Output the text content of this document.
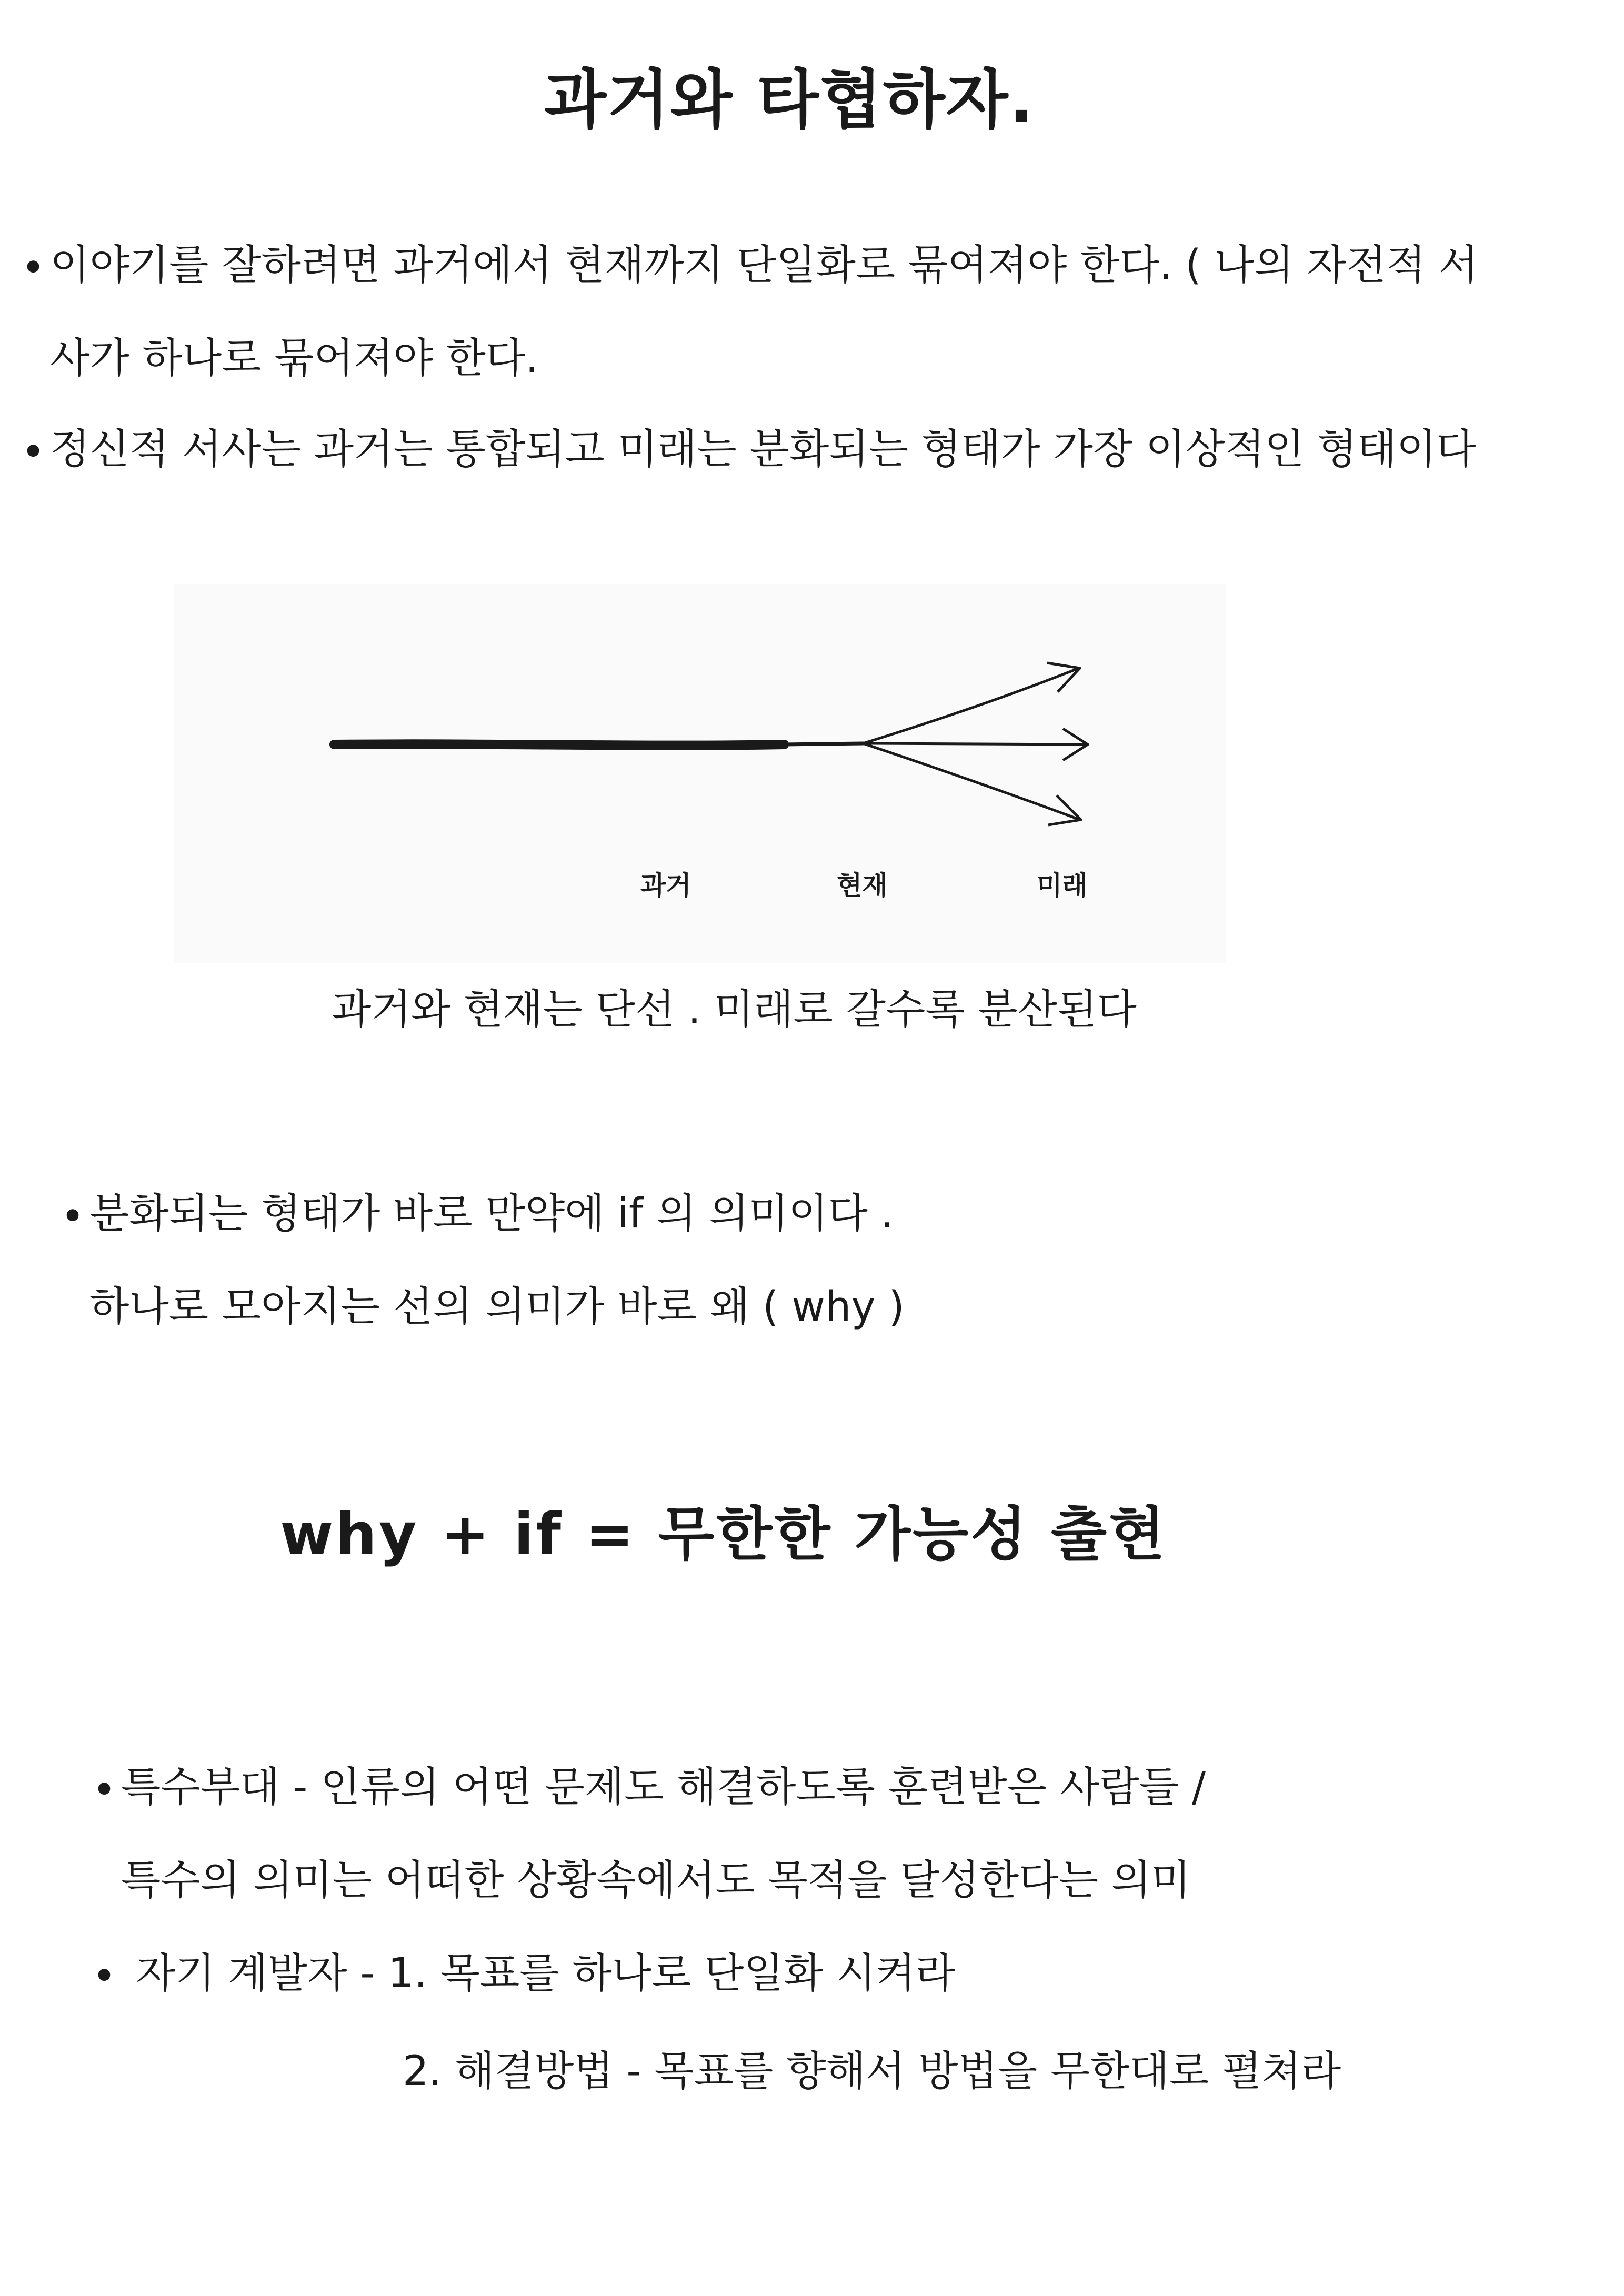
과거와 타협하자.
• 이야기를 잘하려면 과거에서 현재까지 단일화로 묶여져야 한다. ( 나의 자전적 서
사가 하나로 묶어져야 한다.
• 정신적 서사는 과거는 통합되고 미래는 분화되는 형태가 가장 이상적인 형태이다
과거	현재	미래
과거와 현재는 단선 . 미래로 갈수록 분산된다
• 분화되는 형태가 바로 만약에 if 의 의미이다 .
하나로 모아지는 선의 의미가 바로 왜 ( why )
why + if = 무한한 가능성 출현
• 특수부대 - 인류의 어떤 문제도 해결하도록 훈련받은 사람들 /
특수의 의미는 어떠한 상황속에서도 목적을 달성한다는 의미
• 자기 계발자 - 1. 목표를 하나로 단일화 시켜라
2. 해결방법 - 목표를 향해서 방법을 무한대로 펼쳐라
